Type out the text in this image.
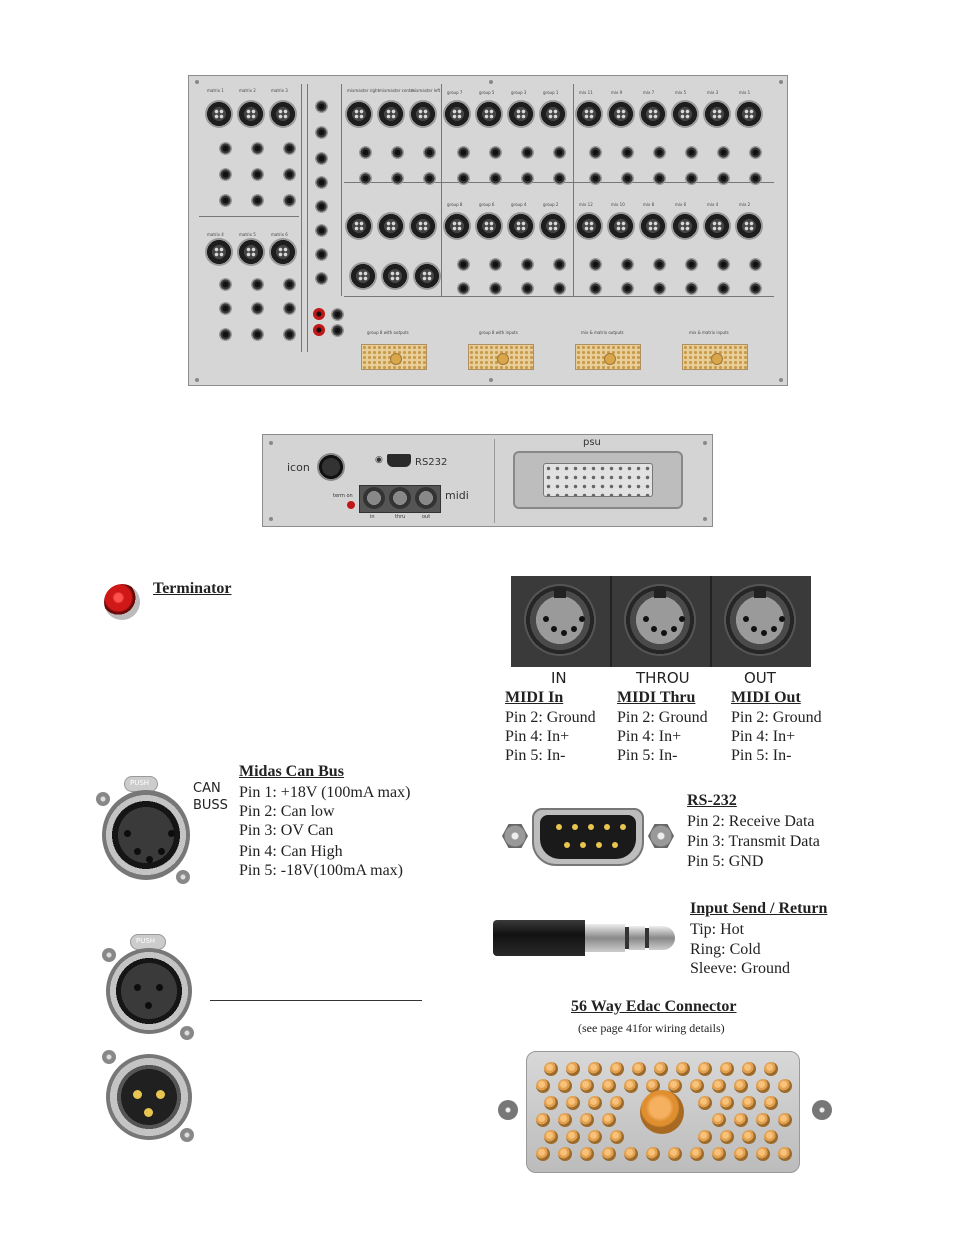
matrix 1	matrix 2	matrix 3	mixmaster right mixmaster centre
mixmaster left group 7	group 5	group 3	group 1	mix 11	mix 9	mix 7	mix 5	mix 3	mix 1
matrix 4	matrix 5	matrix 6
group 8	group 6	group 4	group 2	mix 12	mix 10	mix 8	mix 6	mix 4	mix 2
group 8 with outputs	group 8 with inputs	mix & matrix outputs	mix & matrix inputs
icon
◉	RS232
psu
midi
in	thru	out
term on
Terminator
IN	THROU	OUT
MIDI In
Pin 2: Ground
Pin 4: In+
Pin 5: In-
MIDI Thru
Pin 2: Ground
Pin 4: In+
Pin 5: In-
MIDI Out
Pin 2: Ground
Pin 4: In+
Pin 5: In-
PUSH	CAN
BUSS
Midas Can Bus
Pin 1: +18V (100mA max)
Pin 2: Can low
Pin 3: OV Can
Pin 4: Can High
Pin 5: -18V(100mA max)
RS-232
Pin 2: Receive Data
Pin 3: Transmit Data
Pin 5: GND
Input Send / Return
Tip: Hot
Ring: Cold
Sleeve: Ground
PUSH
56 Way Edac Connector
(see page 41for wiring details)
